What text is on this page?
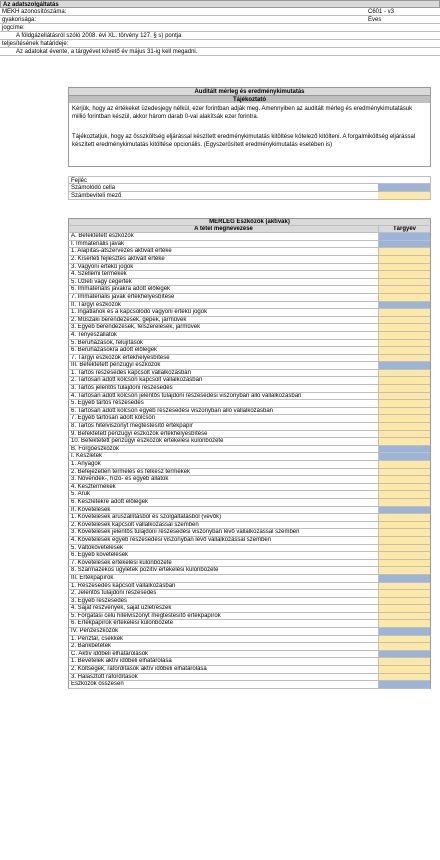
Az adatszolgáltatás
MEKH azonosítószáma:	C601 - v3
gyakorisága:	Éves
jogcíme:
A földgázellátásról szóló 2008. évi XL. törvény 127. § s) pontja
teljesítésének határideje:
Az adatokat évente, a tárgyévet követő év május 31-ig kell megadni.
Auditált mérleg és eredménykimutatás
Tájékoztató
Kérjük, hogy az értékeket üzedesjegy nélkül, ezer forintban adják meg. Amennyiben az auditált mérleg és eredménykimutatásuk millió forintban készül, akkor három darab 0-val alakítsák ezer forintra.
Tájékoztatjuk, hogy az összköltség eljárással készített eredménykimutatás kitöltése kötelező kitölteni. A forgalmiköltség eljárással készített eredménykimutatás kitöltése opcionális. (Egyszerűsített eredménykimutatás esetében is)
Fejléc
Számolódó cella
Számbeviteli mező
MÉRLEG Eszközök (aktívák)
A tétel megnevezése	Tárgyév
A. Befektetett eszközök
I. Immateriális javak
1. Alapítás-átszervezés aktivált értéke
2. Kísérleti fejlesztés aktivált értéke
3. Vagyoni értékű jogok
4. Szellemi termékek
5. Üzleti vagy cégérték
6. Immateriális javakra adott előlegek
7. Immateriális javak értékhelyesbítése
II. Tárgyi eszközök
1. Ingatlanok és a kapcsolódó vagyoni értékű jogok
2. Műszaki berendezések, gépek, járművek
3. Egyéb berendezések, felszerelések, járművek
4. Tenyészállatok
5. Beruházások, felújítások
6. Beruházásokra adott előlegek
7. Tárgyi eszközök értékhelyesbítése
III. Befektetett pénzügyi eszközök
1. Tartós részesedés kapcsolt vállalkozásban
2. Tartósan adott kölcsön kapcsolt vállalkozásban
3. Tartós jelentős tulajdoni részesedés
4. Tartósan adott kölcsön jelentős tulajdoni részesedési viszonyban álló vállalkozásban
5. Egyéb tartós részesedés
6. Tartósan adott kölcsön egyéb részesedési viszonyban álló vállalkozásban
7. Egyéb tartósan adott kölcsön
8. Tartós hitelviszonyt megtestesítő értékpapír
9. Befektetett pénzügyi eszközök értékhelyesbítése
10. Befektetett pénzügyi eszközök értékelési különbözete
B. Forgóeszközök
I. Készletek
1. Anyagok
2. Befejezetlen termelés és félkész termékek
3. Növendék-, hízó- és egyéb állatok
4. Késztermékek
5. Áruk
6. Készletekre adott előlegek
II. Követelések
1. Követelések áruszállításból és szolgáltatásból (vevők)
2. Követelések kapcsolt vállalkozással szemben
3. Követelések jelentős tulajdoni részesedési viszonyban lévő vállalkozással szemben
4. Követelések egyéb részesedési viszonyban lévő vállalkozással szemben
5. Váltókövetelések
6. Egyéb követelések
7. Követelések értékelési különbözete
8. Származékos ügyletek pozitív értékelési különbözete
III. Értékpapírok
1. Részesedés kapcsolt vállalkozásban
2. Jelentős tulajdoni részesedés
3. Egyéb részesedés
4. Saját részvények, saját üzletrészek
5. Forgatási célú hitelviszonyt megtestesítő értékpapírok
6. Értékpapírok értékelési különbözete
IV. Pénzeszközök
1. Pénztár, csekkek
2. Bankbetétek
C. Aktív időbeli elhatárolások
1. Bevételek aktív időbeli elhatárolása
2. Költségek, ráfordítások aktív időbeli elhatárolása
3. Halasztott ráfordítások
Eszközök összesen
